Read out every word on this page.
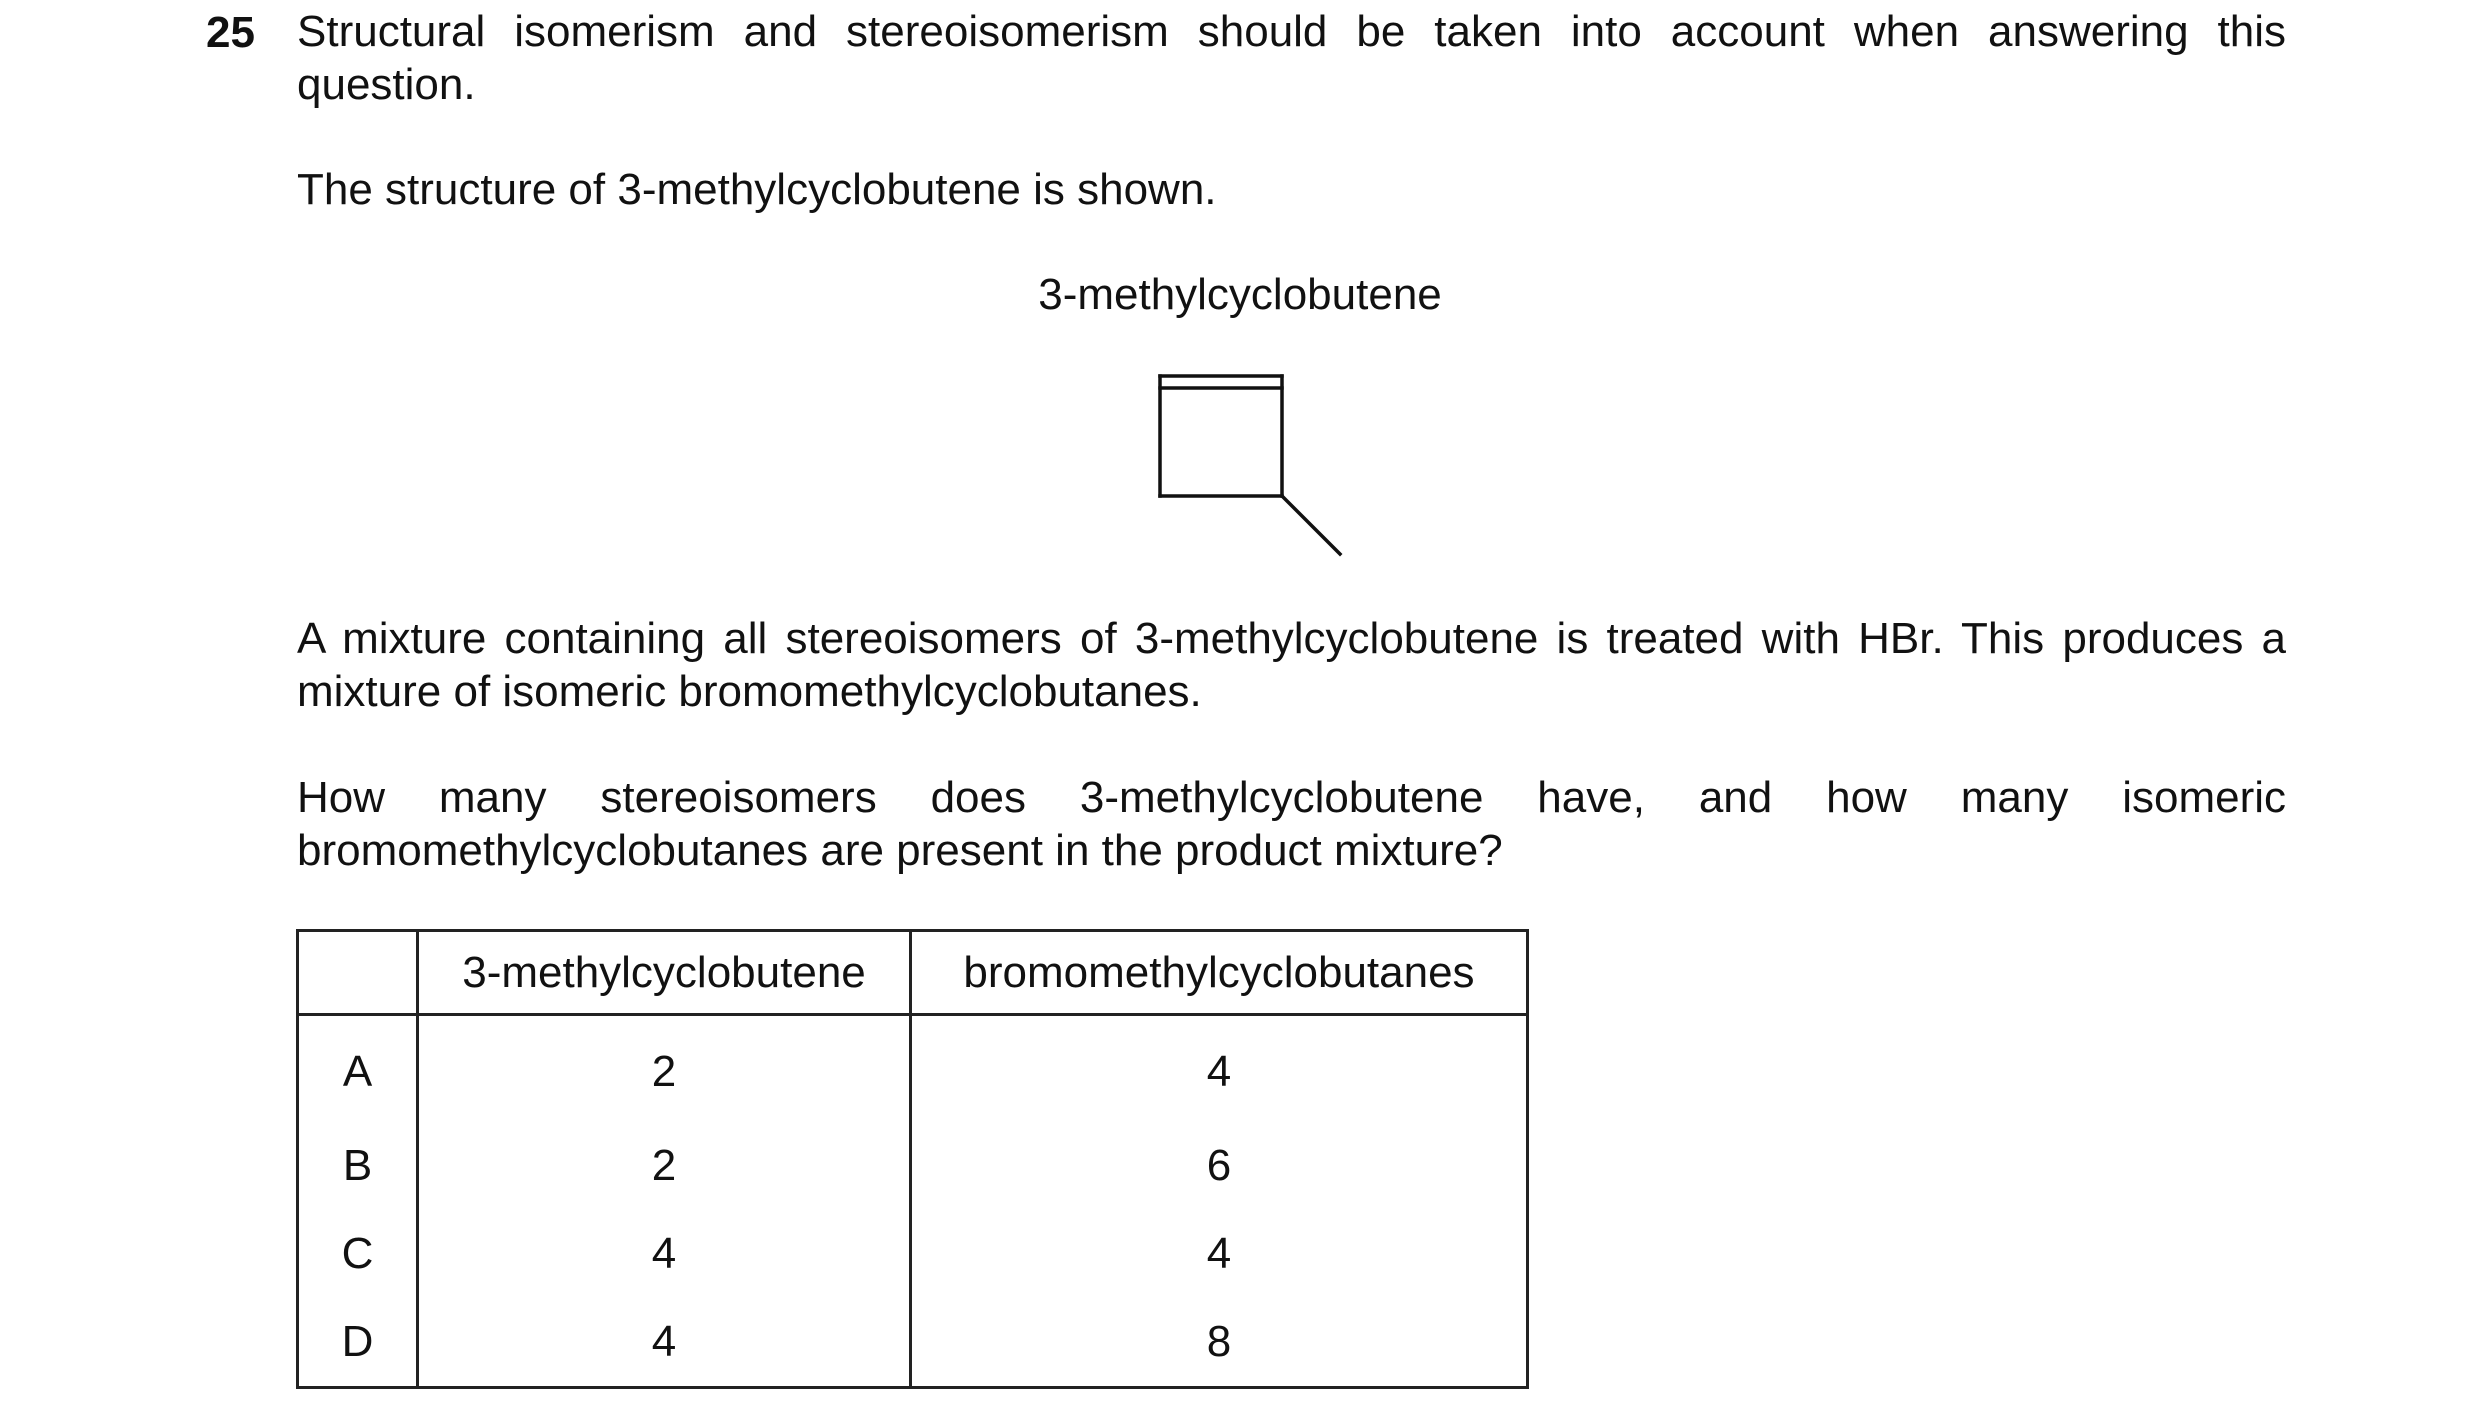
25 Structural isomerism and stereoisomerism should be taken into account when answering this question.
The structure of 3-methylcyclobutene is shown.
3-methylcyclobutene
A mixture containing all stereoisomers of 3-methylcyclobutene is treated with HBr. This produces a mixture of isomeric bromomethylcyclobutanes.
How many stereoisomers does 3-methylcyclobutene have, and how many isomeric bromomethylcyclobutanes are present in the product mixture?
	3-methylcyclobutene	bromomethylcyclobutanes
A	2	4
B	2	6
C	4	4
D	4	8
